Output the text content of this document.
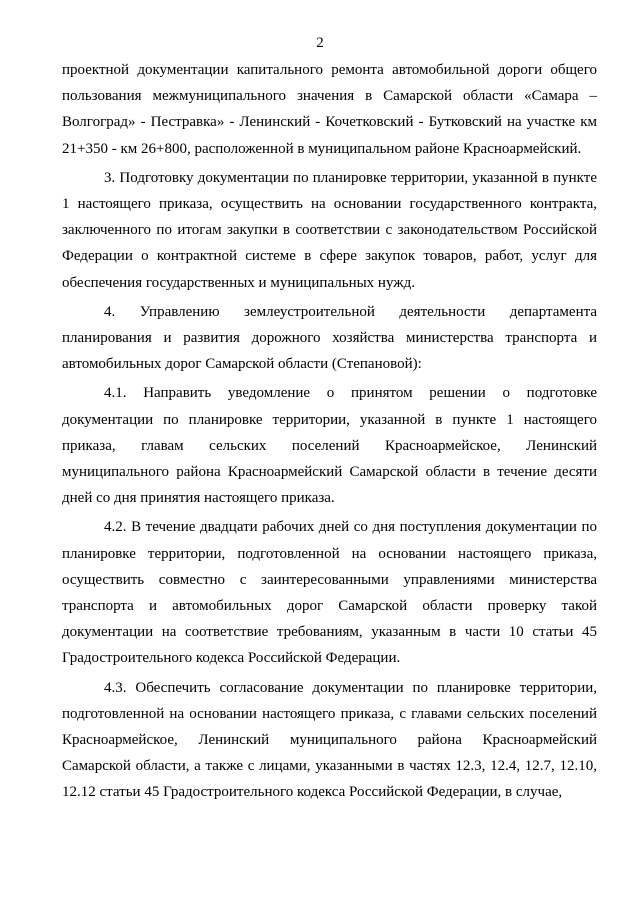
2

проектной документации капитального ремонта автомобильной дороги общего пользования межмуниципального значения в Самарской области «Самара – Волгоград» - Пестравка» - Ленинский - Кочетковский - Бутковский на участке км 21+350 - км 26+800, расположенной в муниципальном районе Красноармейский.

3. Подготовку документации по планировке территории, указанной в пункте 1 настоящего приказа, осуществить на основании государственного контракта, заключенного по итогам закупки в соответствии с законодательством Российской Федерации о контрактной системе в сфере закупок товаров, работ, услуг для обеспечения государственных и муниципальных нужд.

4. Управлению землеустроительной деятельности департамента планирования и развития дорожного хозяйства министерства транспорта и автомобильных дорог Самарской области (Степановой):

4.1. Направить уведомление о принятом решении о подготовке документации по планировке территории, указанной в пункте 1 настоящего приказа, главам сельских поселений Красноармейское, Ленинский муниципального района Красноармейский Самарской области в течение десяти дней со дня принятия настоящего приказа.

4.2. В течение двадцати рабочих дней со дня поступления документации по планировке территории, подготовленной на основании настоящего приказа, осуществить совместно с заинтересованными управлениями министерства транспорта и автомобильных дорог Самарской области проверку такой документации на соответствие требованиям, указанным в части 10 статьи 45 Градостроительного кодекса Российской Федерации.

4.3. Обеспечить согласование документации по планировке территории, подготовленной на основании настоящего приказа, с главами сельских поселений Красноармейское, Ленинский муниципального района Красноармейский Самарской области, а также с лицами, указанными в частях 12.3, 12.4, 12.7, 12.10, 12.12 статьи 45 Градостроительного кодекса Российской Федерации, в случае,
